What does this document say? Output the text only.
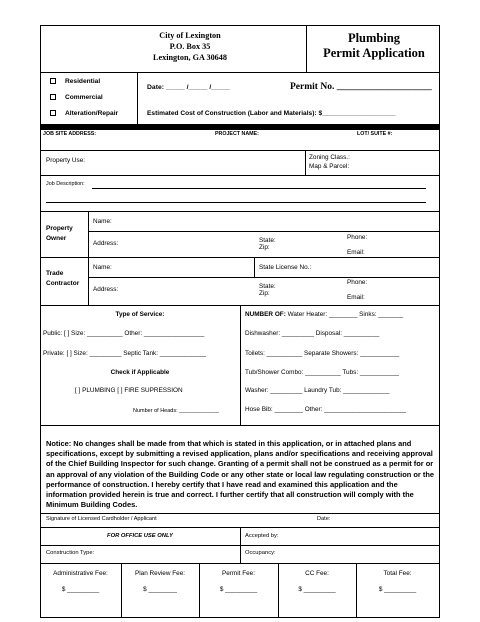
City of Lexington
P.O. Box 35
Lexington, GA 30648
Plumbing
Permit Application
Residential
Commercial
Alteration/Repair
Date: _____ /_____ /_____	Permit No. ____________________
Estimated Cost of Construction (Labor and Materials): $____________________
JOB SITE ADDRESS:	PROJECT NAME:	LOT/ SUITE #:
Property Use:	Zoning Class.:
Map & Parcel:
Job Description:
Property
Owner
Name:
Address:	State:
Zip:
Phone:
Email:
Trade
Contractor
Name:	State License No.:
Address:	State:
Zip:
Phone:
Email:
Type of Service:
Public: [ ] Size: __________ Other: _________________
Private: [ ] Size: _________ Septic Tank: _____________
Check if Applicable
[ ] PLUMBING [ ] FIRE SUPRESSION
Number of Heads: _____________
NUMBER OF: Water Heater: ________ Sinks: _______
Dishwasher: _________ Disposal: __________
Toilets: __________ Separate Showers: ___________
Tub/Shower Combo: __________ Tubs: ___________
Washer: _________ Laundry Tub: _____________
Hose Bib: ________ Other: _______________________
Notice: No changes shall be made from that which is stated in this application, or in attached plans and specifications, except by submitting a revised application, plans and/or specifications and receiving approval of the Chief Building Inspector for such change. Granting of a permit shall not be construed as a permit for or an approval of any violation of the Building Code or any other state or local law regulating construction or the performance of construction. I hereby certify that I have read and examined this application and the information provided herein is true and correct. I further certify that all construction will comply with the Minimum Building Codes.
Signature of Licensed Cardholder / Applicant	Date:
FOR OFFICE USE ONLY	Accepted by:
Construction Type:	Occupancy:
Administrative Fee:
$ _________
Plan Review Fee:
$ ________
Permit Fee:
$ _________
CC Fee:
$ _________
Total Fee:
$ _________
